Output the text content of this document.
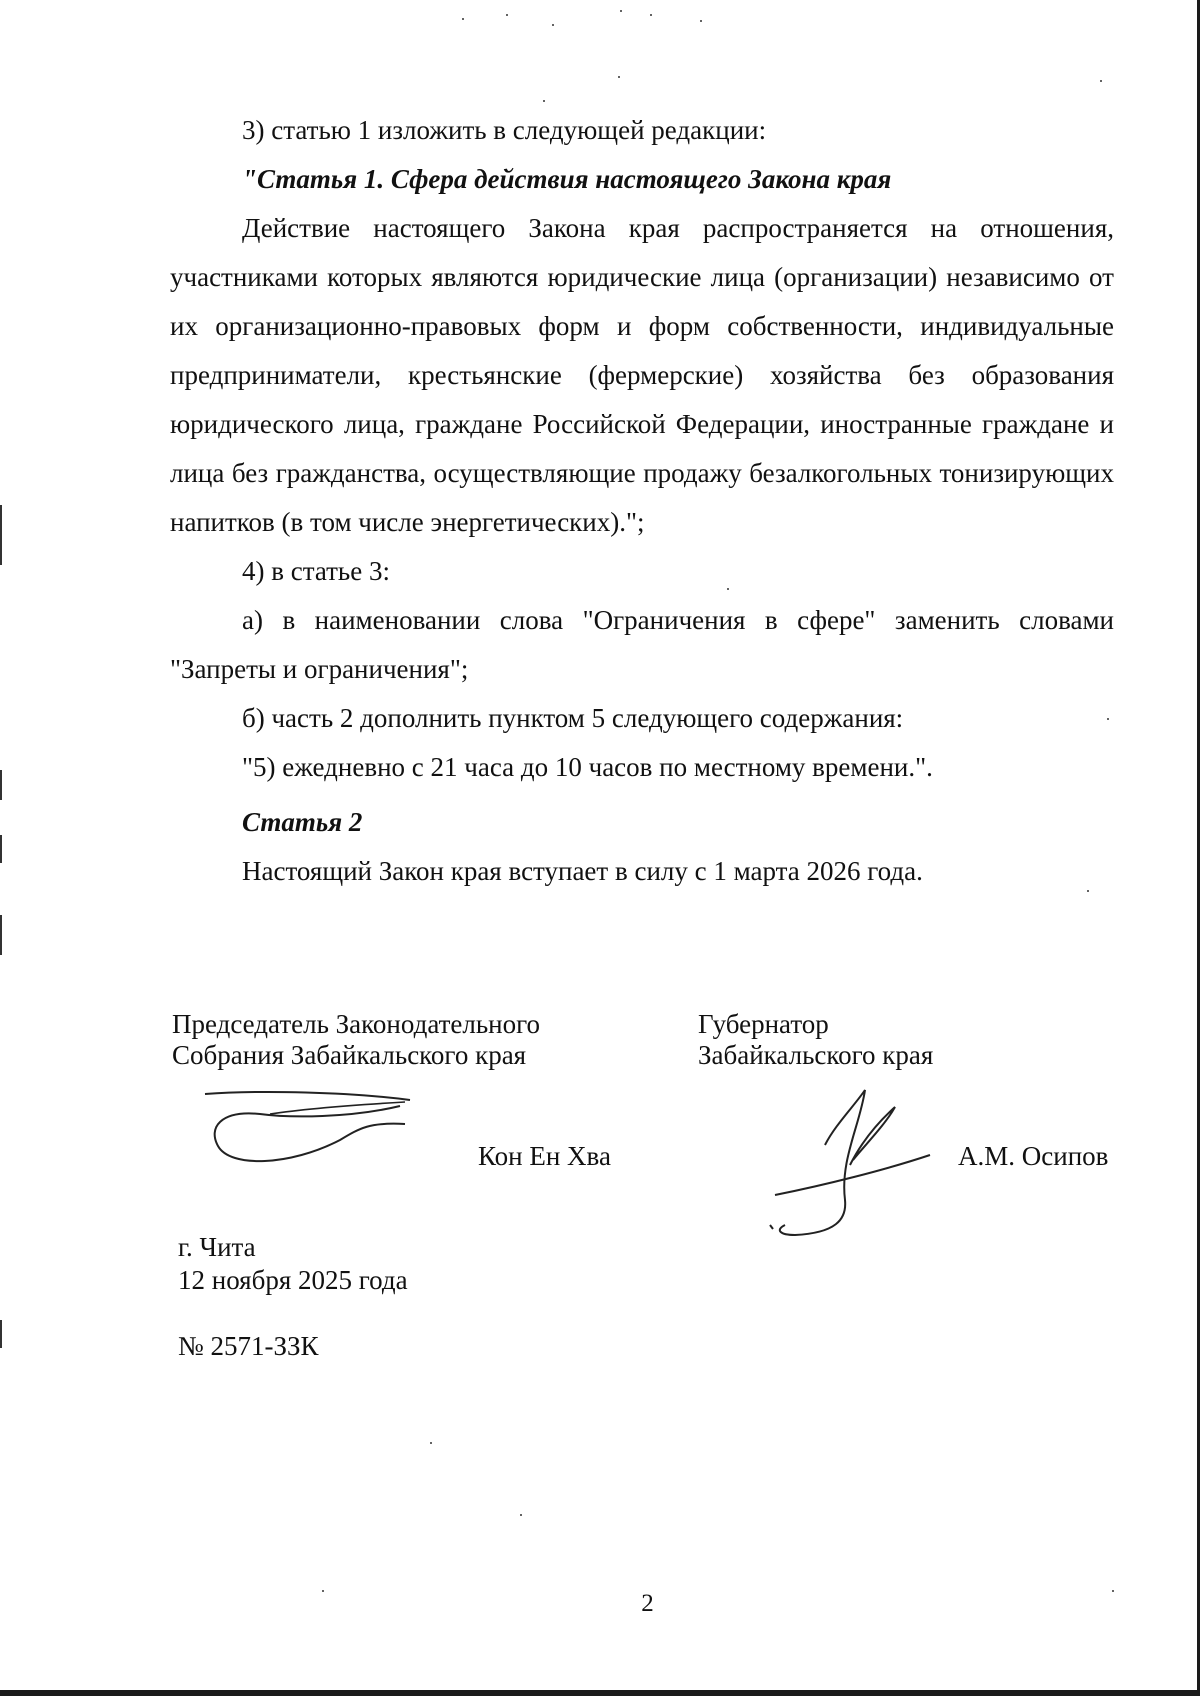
3) статью 1 изложить в следующей редакции:

"Статья 1. Сфера действия настоящего Закона края

Действие настоящего Закона края распространяется на отношения, участниками которых являются юридические лица (организации) независимо от их организационно-правовых форм и форм собственности, индивидуальные предприниматели, крестьянские (фермерские) хозяйства без образования юридического лица, граждане Российской Федерации, иностранные граждане и лица без гражданства, осуществляющие продажу безалкогольных тонизирующих напитков (в том числе энергетических).";

4) в статье 3:

а) в наименовании слова "Ограничения в сфере" заменить словами "Запреты и ограничения";

б) часть 2 дополнить пунктом 5 следующего содержания:

"5) ежедневно с 21 часа до 10 часов по местному времени.".

Статья 2

Настоящий Закон края вступает в силу с 1 марта 2026 года.

Председатель Законодательного
Собрания Забайкальского края
Губернатор
Забайкальского края
Кон Ен Хва	А.М. Осипов
г. Чита
12 ноября 2025 года
№ 2571-ЗЗК
2
